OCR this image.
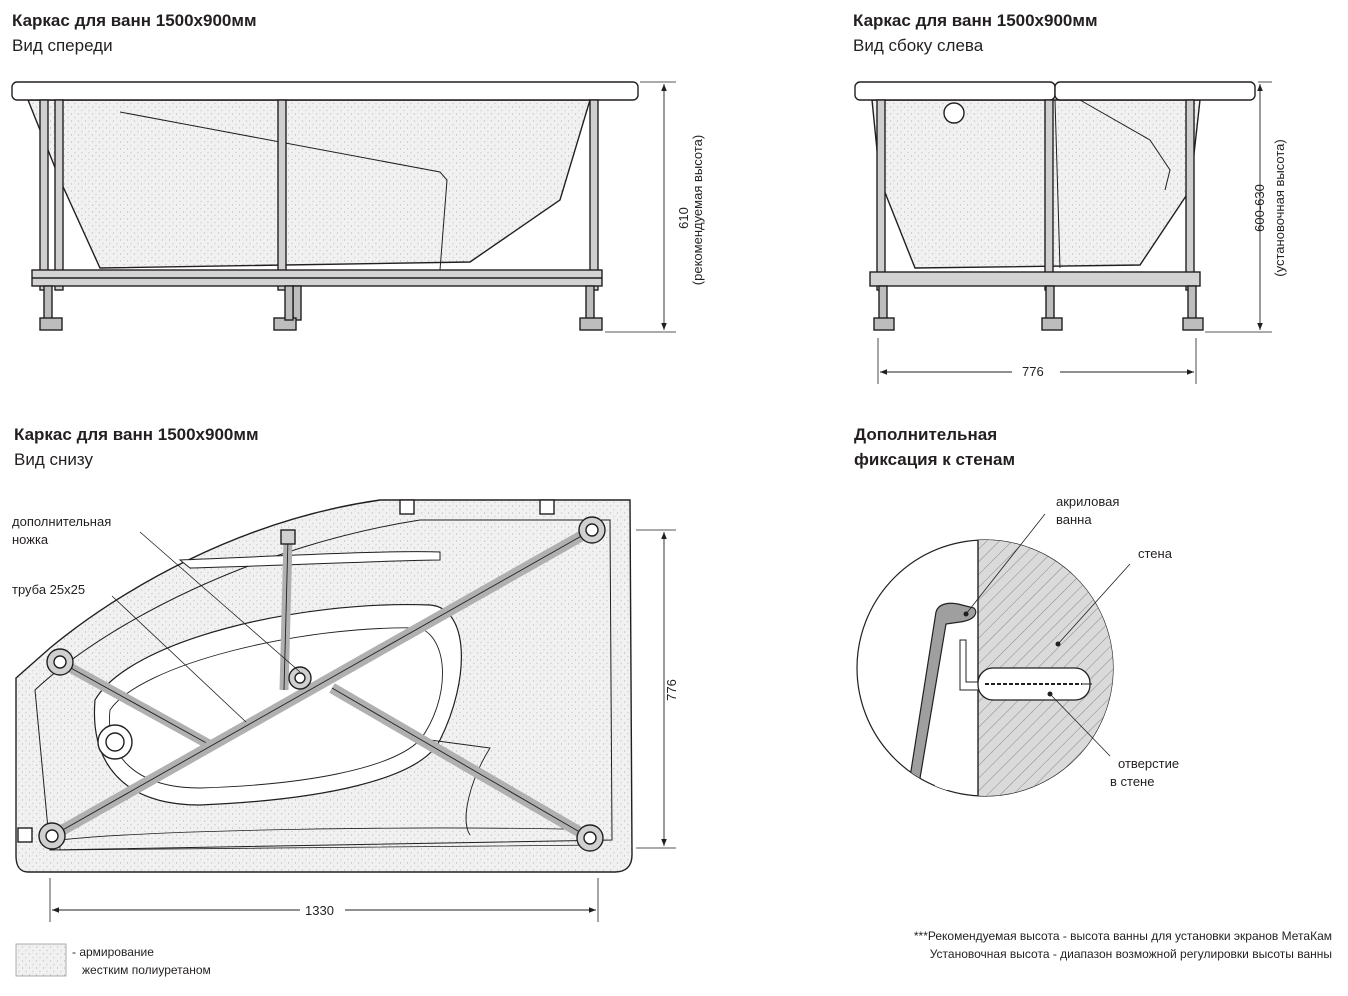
610 (рекомендуемая высота)	600-630 (установочная высота)
776
Каркас для ванн 1500х900мм
Вид спереди
Каркас для ванн 1500х900мм
Вид сбоку слева
776
Каркас для ванн 1500х900мм
Вид снизу
дополнительная
ножка
труба 25х25
1330
- армирование
жестким полиуретаном
Дополнительная
фиксация к стенам
акриловая
ванна
стена
отверстие
в стене
***Рекомендуемая высота - высота ванны для установки экранов МетаКам
Установочная высота - диапазон возможной регулировки высоты ванны
